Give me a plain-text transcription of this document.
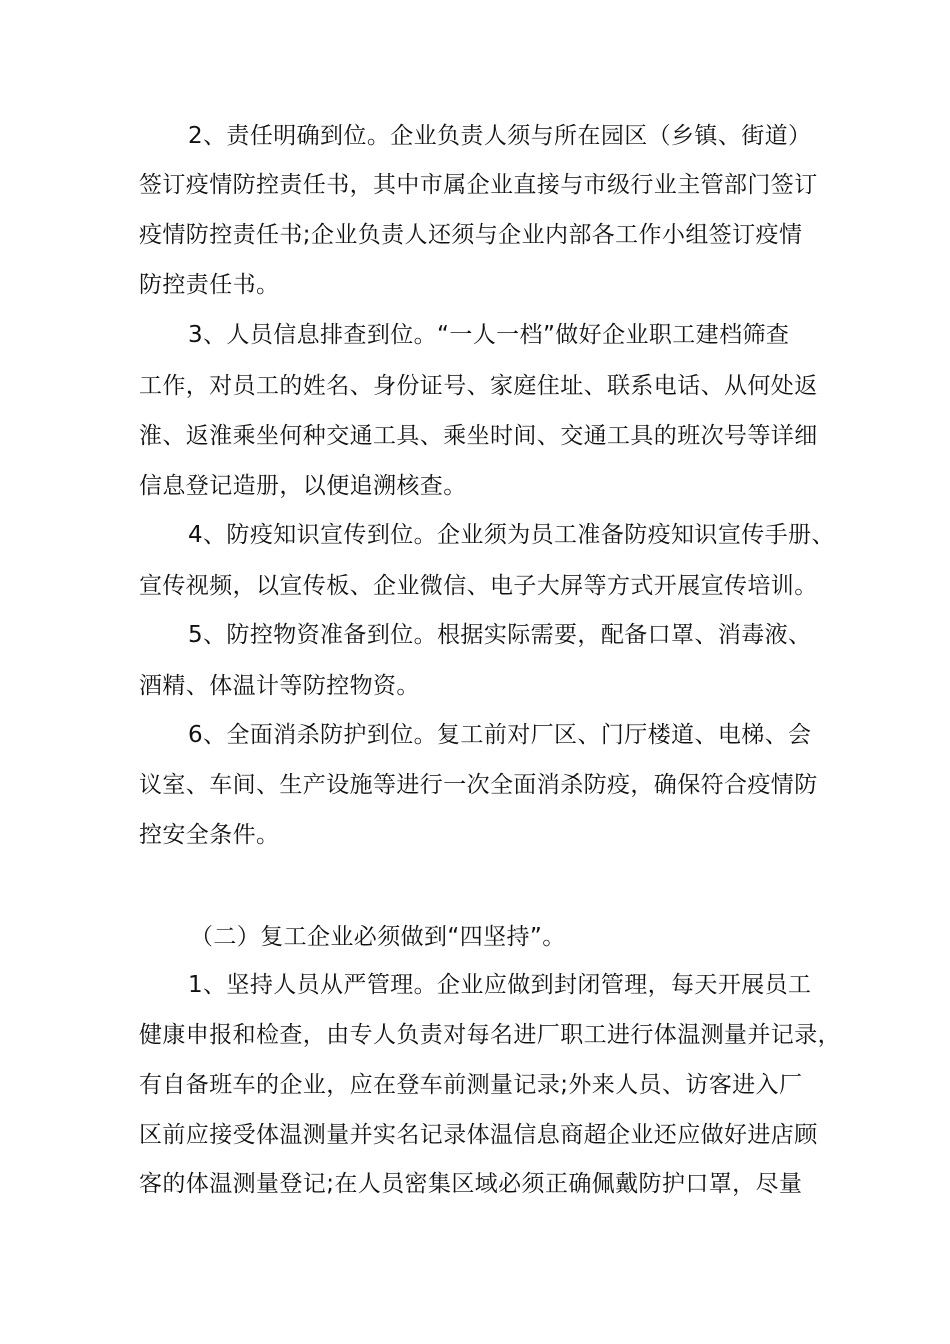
2、责任明确到位。企业负责人须与所在园区（乡镇、街道）
签订疫情防控责任书，其中市属企业直接与市级行业主管部门签订
疫情防控责任书;企业负责人还须与企业内部各工作小组签订疫情
防控责任书。
3、人员信息排查到位。“一人一档”做好企业职工建档筛查
工作，对员工的姓名、身份证号、家庭住址、联系电话、从何处返
淮、返淮乘坐何种交通工具、乘坐时间、交通工具的班次号等详细
信息登记造册，以便追溯核查。
4、防疫知识宣传到位。企业须为员工准备防疫知识宣传手册、
宣传视频，以宣传板、企业微信、电子大屏等方式开展宣传培训。
5、防控物资准备到位。根据实际需要，配备口罩、消毒液、
酒精、体温计等防控物资。
6、全面消杀防护到位。复工前对厂区、门厅楼道、电梯、会
议室、车间、生产设施等进行一次全面消杀防疫，确保符合疫情防
控安全条件。
（二）复工企业必须做到“四坚持”。
1、坚持人员从严管理。企业应做到封闭管理，每天开展员工
健康申报和检查，由专人负责对每名进厂职工进行体温测量并记录，
有自备班车的企业，应在登车前测量记录;外来人员、访客进入厂
区前应接受体温测量并实名记录体温信息商超企业还应做好进店顾
客的体温测量登记;在人员密集区域必须正确佩戴防护口罩，尽量
